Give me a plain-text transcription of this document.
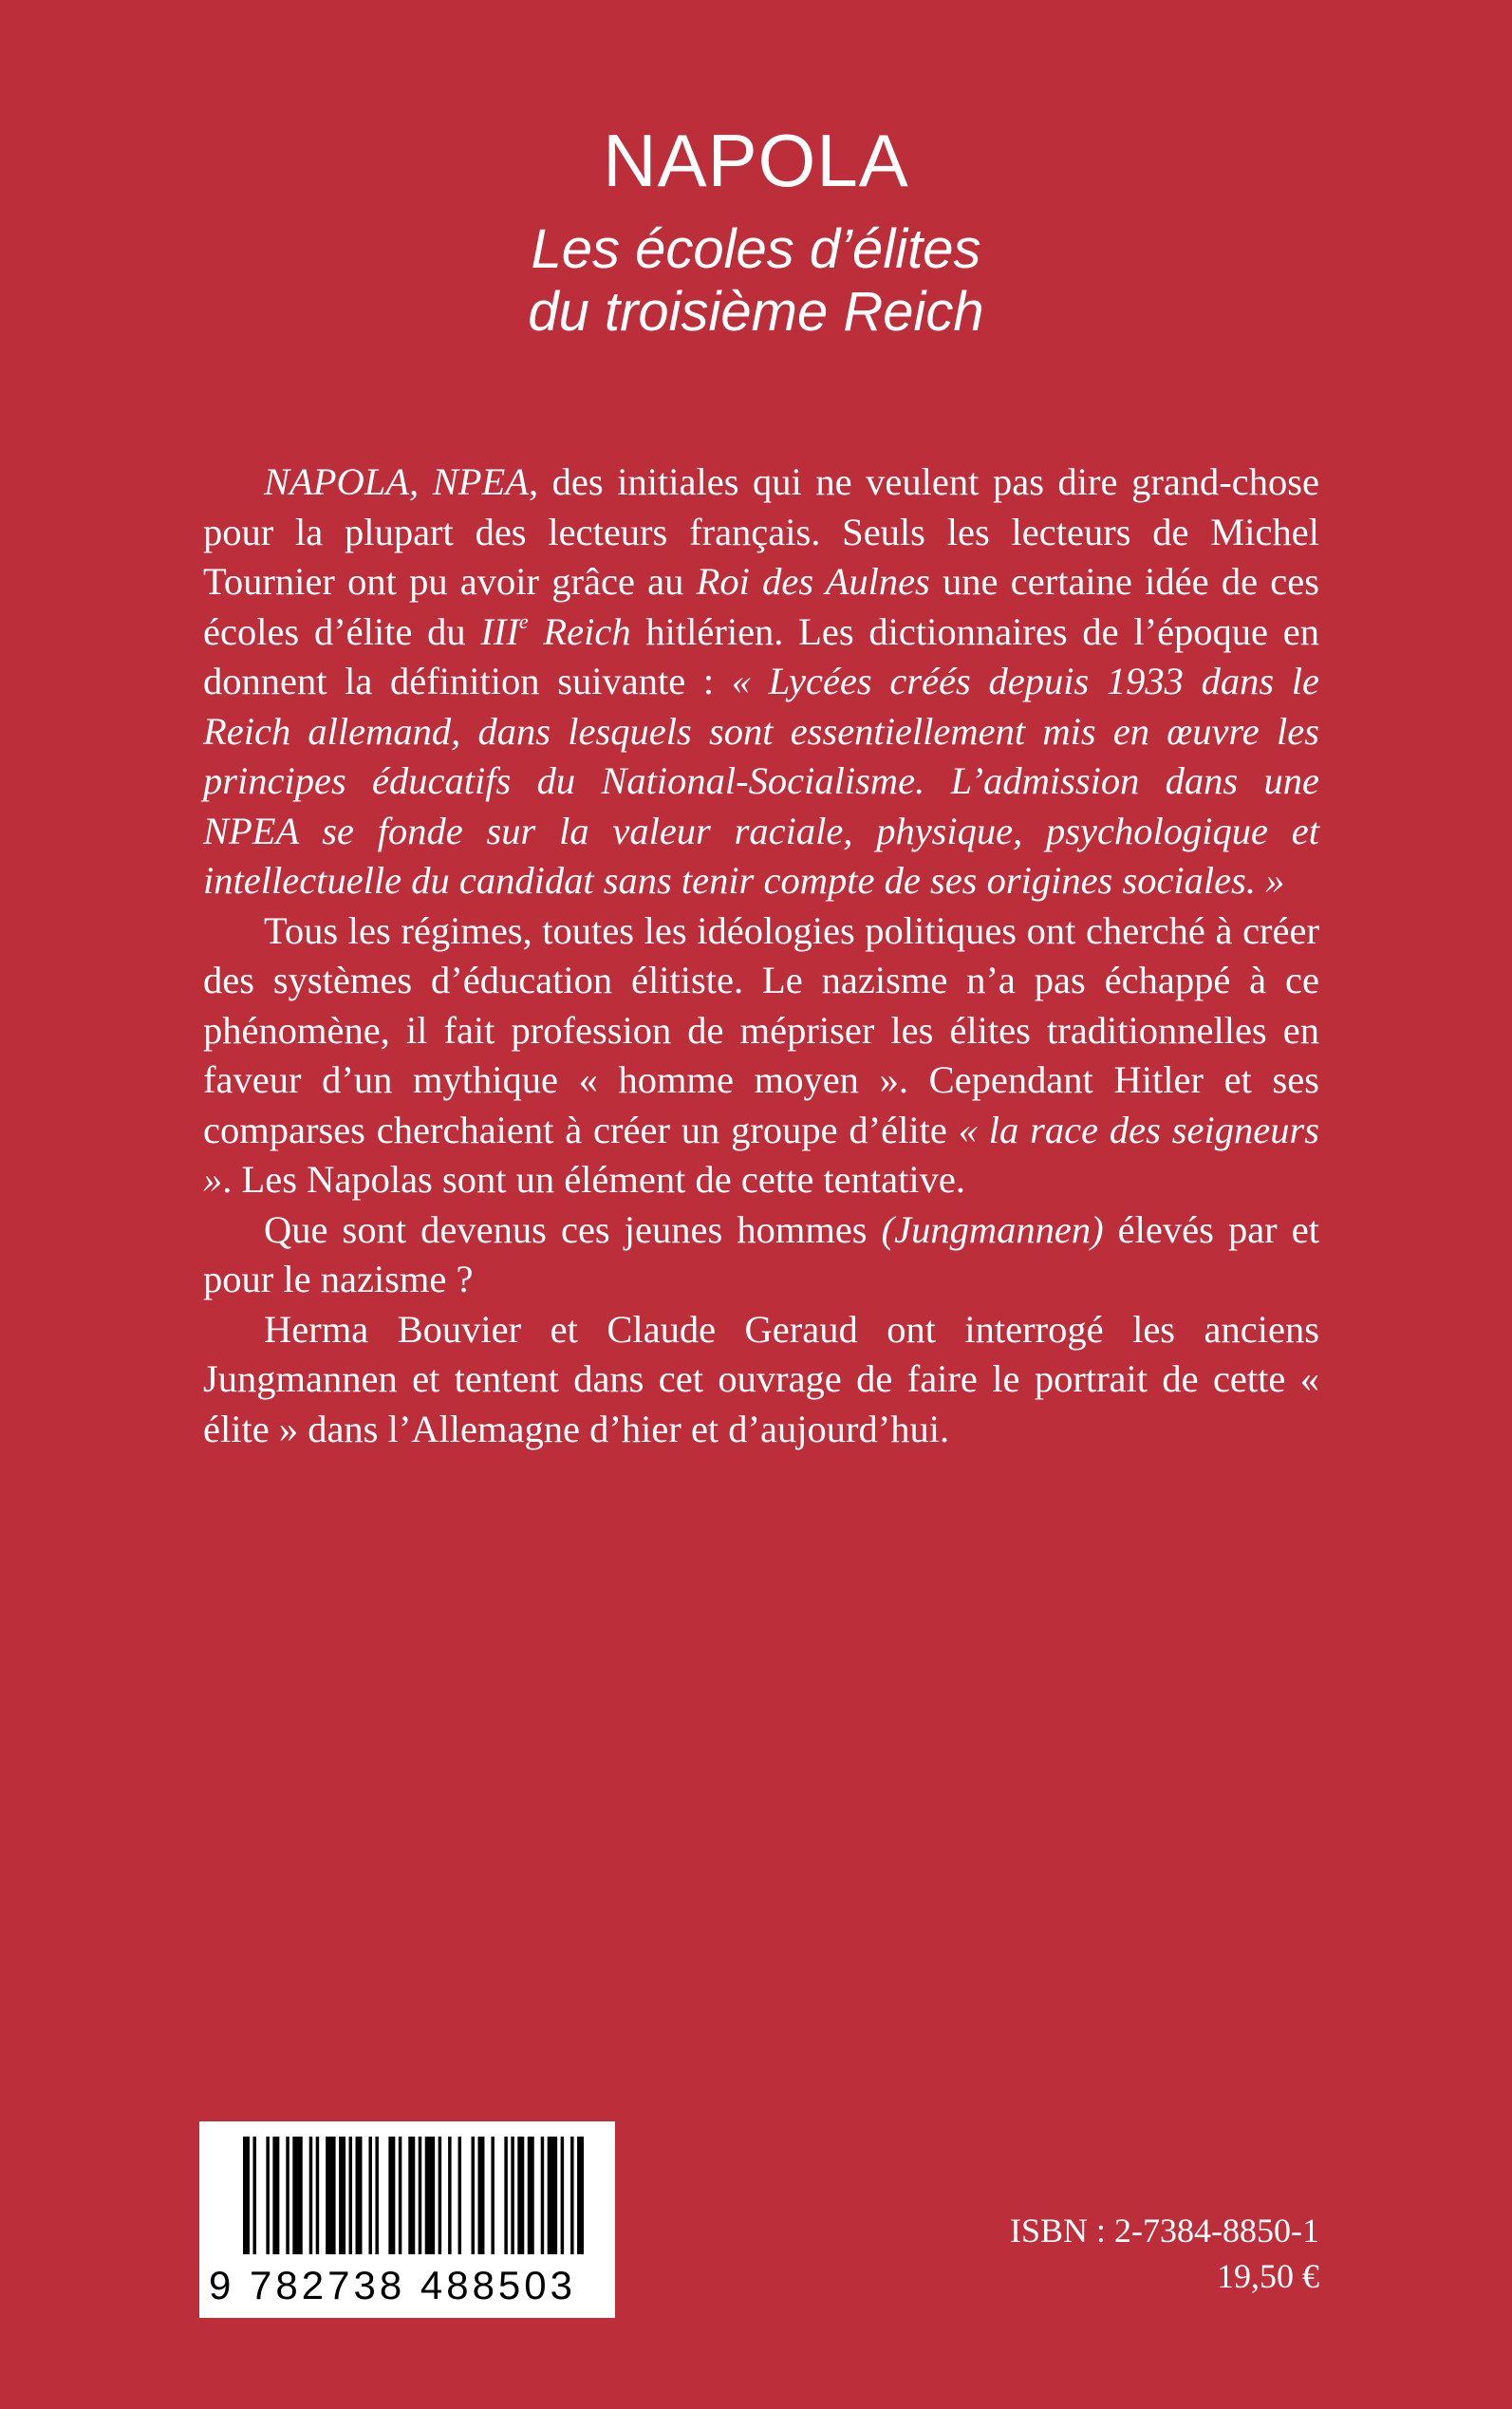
NAPOLA
Les écoles d’élites
du troisième Reich

NAPOLA, NPEA, des initiales qui ne veulent pas dire grand-chose pour la plupart des lecteurs français. Seuls les lecteurs de Michel Tournier ont pu avoir grâce au Roi des Aulnes une certaine idée de ces écoles d’élite du IIIe Reich hitlérien. Les dictionnaires de l’époque en donnent la définition suivante : « Lycées créés depuis 1933 dans le Reich allemand, dans lesquels sont essentiellement mis en œuvre les principes éducatifs du National-Socialisme. L’admission dans une NPEA se fonde sur la valeur raciale, physique, psychologique et intellectuelle du candidat sans tenir compte de ses origines sociales. »

Tous les régimes, toutes les idéologies politiques ont cherché à créer des systèmes d’éducation élitiste. Le nazisme n’a pas échappé à ce phénomène, il fait profession de mépriser les élites traditionnelles en faveur d’un mythique « homme moyen ». Cependant Hitler et ses comparses cherchaient à créer un groupe d’élite « la race des seigneurs ». Les Napolas sont un élément de cette tentative.

Que sont devenus ces jeunes hommes (Jungmannen) élevés par et pour le nazisme ?

Herma Bouvier et Claude Geraud ont interrogé les anciens Jungmannen et tentent dans cet ouvrage de faire le portrait de cette « élite » dans l’Allemagne d’hier et d’aujourd’hui.

9 782738 488503
ISBN : 2-7384-8850-1
19,50 €
